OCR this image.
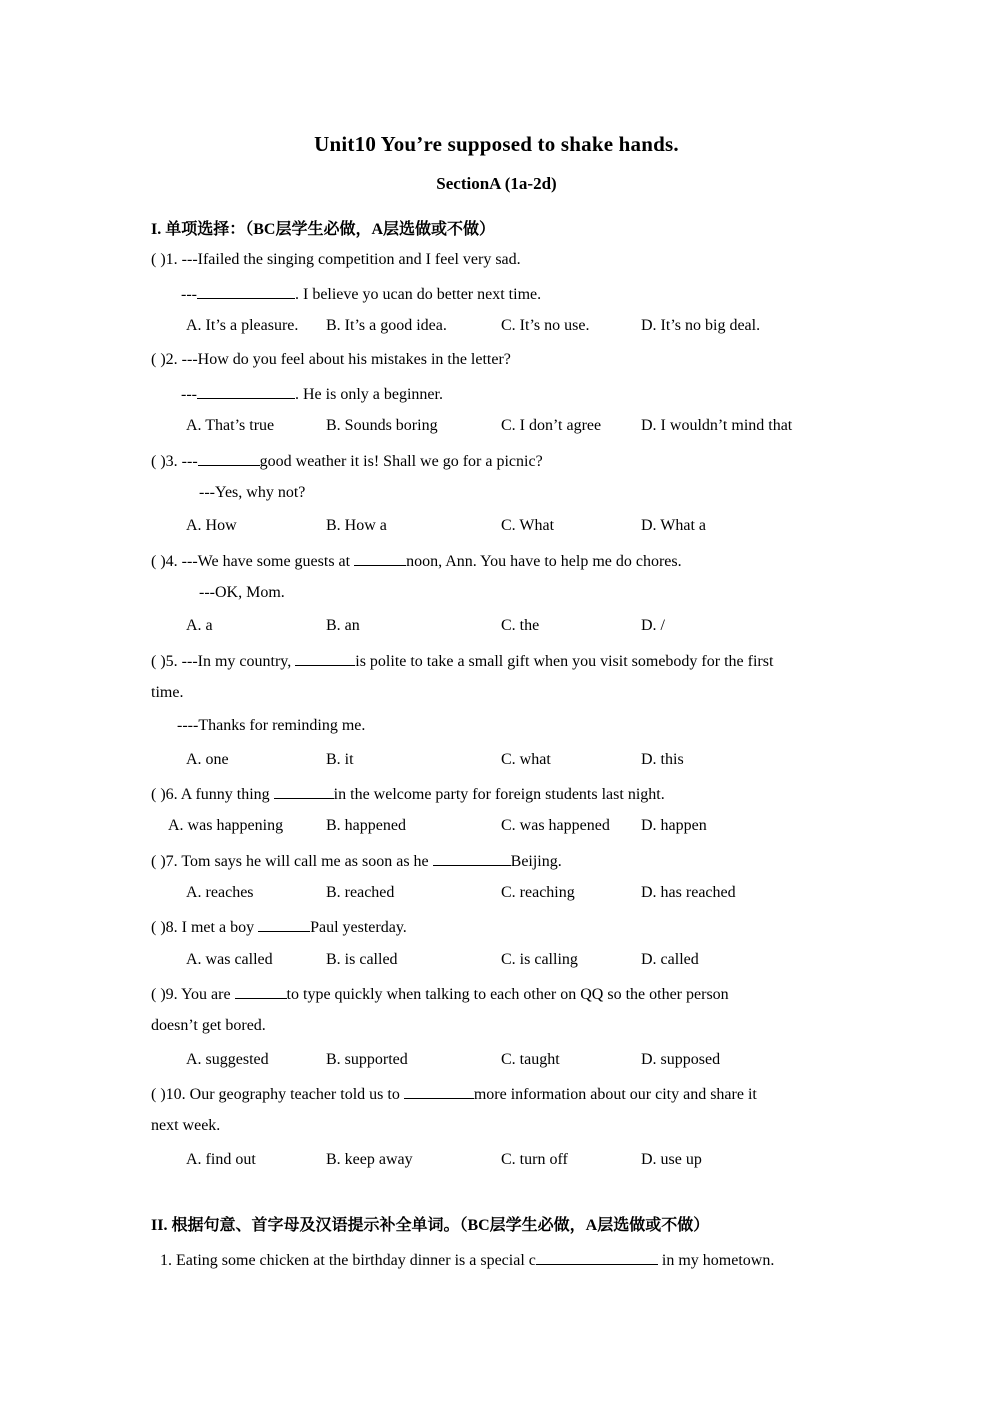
Unit10 You’re supposed to shake hands.
SectionA (1a-2d)
I. 单项选择：（BC层学生必做，A层选做或不做）
( )1. ---Ifailed the singing competition and I feel very sad.
---	. I believe yo ucan do better next time.
A. It’s a pleasure. B. It’s a good idea.	C. It’s no use.	D. It’s no big deal.
( )2. ---How do you feel about his mistakes in the letter?
---	. He is only a beginner.
A. That’s true	B. Sounds boring	C. I don’t agree D. I wouldn’t mind that
( )3. ---	good weather it is! Shall we go for a picnic?
---Yes, why not?
A. How	B. How a	C. What	D. What a
( )4. ---We have some guests at	noon, Ann. You have to help me do chores.
---OK, Mom.
A. a	B. an	C. the	D. /
( )5. ---In my country,	is polite to take a small gift when you visit somebody for the first
time.
----Thanks for reminding me.
A. one	B. it	C. what	D. this
( )6. A funny thing	in the welcome party for foreign students last night.
A. was happening	B. happened	C. was happened D. happen
( )7. Tom says he will call me as soon as he	Beijing.
A. reaches	B. reached	C. reaching	D. has reached
( )8. I met a boy	Paul yesterday.
A. was called	B. is called	C. is calling	D. called
( )9. You are	to type quickly when talking to each other on QQ so the other person
doesn’t get bored.
A. suggested	B. supported	C. taught	D. supposed
( )10. Our geography teacher told us to	more information about our city and share it
next week.
A. find out	B. keep away	C. turn off	D. use up
II. 根据句意、首字母及汉语提示补全单词。（BC层学生必做，A层选做或不做）
1. Eating some chicken at the birthday dinner is a special c	in my hometown.
